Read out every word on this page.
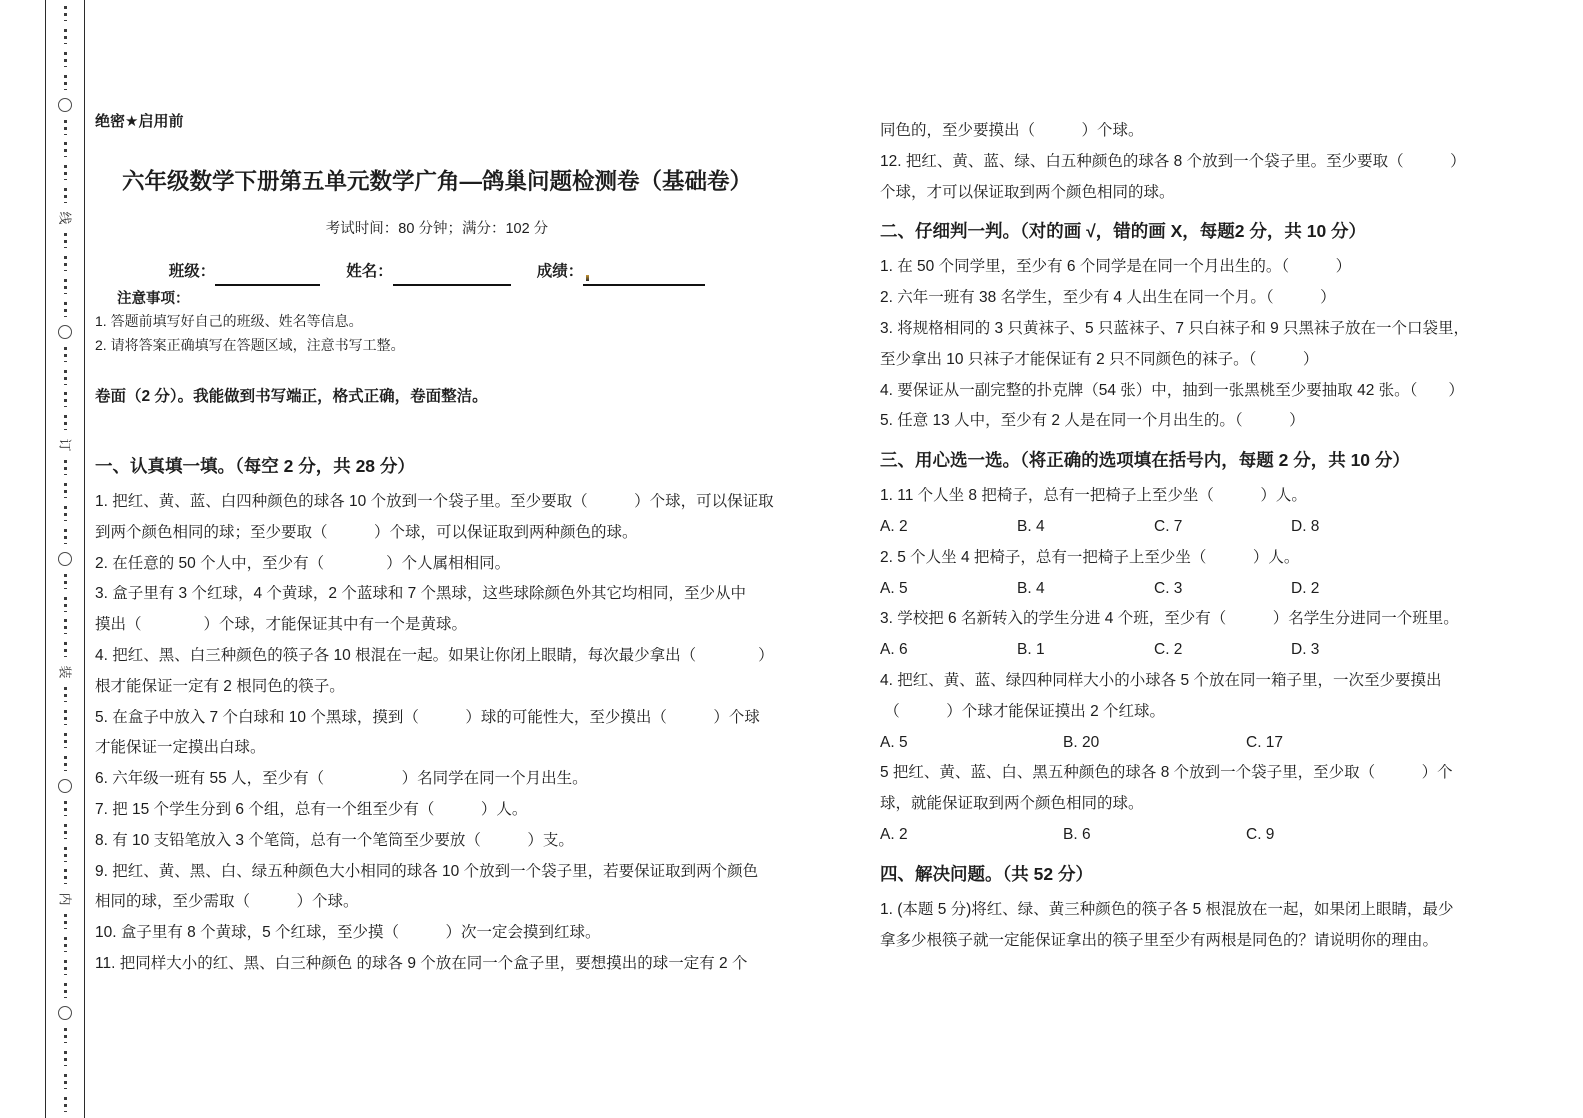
线
订
装
内
绝密★启用前
六年级数学下册第五单元数学广角—鸽巢问题检测卷（基础卷）
考试时间：80 分钟；满分：102 分
班级：	姓名：	成绩：
注意事项：
1. 答题前填写好自己的班级、姓名等信息。
2. 请将答案正确填写在答题区域，注意书写工整。
卷面（2 分）。我能做到书写端正，格式正确，卷面整洁。
一、认真填一填。（每空 2 分，共 28 分）
1. 把红、黄、蓝、白四种颜色的球各 10 个放到一个袋子里。至少要取（　　　）个球，可以保证取
到两个颜色相同的球；至少要取（　　　）个球，可以保证取到两种颜色的球。
2. 在任意的 50 个人中，至少有（　　　　）个人属相相同。
3. 盒子里有 3 个红球，4 个黄球，2 个蓝球和 7 个黑球，这些球除颜色外其它均相同，至少从中
摸出（　　　　）个球，才能保证其中有一个是黄球。
4. 把红、黑、白三种颜色的筷子各 10 根混在一起。如果让你闭上眼睛，每次最少拿出（　　　　）
根才能保证一定有 2 根同色的筷子。
5. 在盒子中放入 7 个白球和 10 个黑球，摸到（　　　）球的可能性大，至少摸出（　　　）个球
才能保证一定摸出白球。
6. 六年级一班有 55 人，至少有（　　　　　）名同学在同一个月出生。
7. 把 15 个学生分到 6 个组，总有一个组至少有（　　　）人。
8. 有 10 支铅笔放入 3 个笔筒，总有一个笔筒至少要放（　　　）支。
9. 把红、黄、黑、白、绿五种颜色大小相同的球各 10 个放到一个袋子里，若要保证取到两个颜色
相同的球，至少需取（　　　）个球。
10. 盒子里有 8 个黄球，5 个红球，至少摸（　　　）次一定会摸到红球。
11. 把同样大小的红、黑、白三种颜色 的球各 9 个放在同一个盒子里，要想摸出的球一定有 2 个
同色的，至少要摸出（　　　）个球。
12. 把红、黄、蓝、绿、白五种颜色的球各 8 个放到一个袋子里。至少要取（　　　）
个球，才可以保证取到两个颜色相同的球。
二、仔细判一判。（对的画 √，错的画 X，每题2 分，共 10 分）
1. 在 50 个同学里，至少有 6 个同学是在同一个月出生的。（　　　）
2. 六年一班有 38 名学生，至少有 4 人出生在同一个月。（　　　）
3. 将规格相同的 3 只黄袜子、5 只蓝袜子、7 只白袜子和 9 只黑袜子放在一个口袋里，
至少拿出 10 只袜子才能保证有 2 只不同颜色的袜子。（　　　）
4. 要保证从一副完整的扑克牌（54 张）中，抽到一张黑桃至少要抽取 42 张。（　　）
5. 任意 13 人中，至少有 2 人是在同一个月出生的。（　　　）
三、用心选一选。（将正确的选项填在括号内，每题 2 分，共 10 分）
1. 11 个人坐 8 把椅子，总有一把椅子上至少坐（　　　）人。
A. 2	B. 4	C. 7	D. 8
2. 5 个人坐 4 把椅子，总有一把椅子上至少坐（　　　）人。
A. 5	B. 4	C. 3	D. 2
3. 学校把 6 名新转入的学生分进 4 个班，至少有（　　　）名学生分进同一个班里。
A. 6	B. 1	C. 2	D. 3
4. 把红、黄、蓝、绿四种同样大小的小球各 5 个放在同一箱子里，一次至少要摸出
（　　　）个球才能保证摸出 2 个红球。
A. 5	B. 20	C. 17
5 把红、黄、蓝、白、黑五种颜色的球各 8 个放到一个袋子里，至少取（　　　）个
球，就能保证取到两个颜色相同的球。
A. 2	B. 6	C. 9
四、解决问题。（共 52 分）
1. (本题 5 分)将红、绿、黄三种颜色的筷子各 5 根混放在一起，如果闭上眼睛，最少
拿多少根筷子就一定能保证拿出的筷子里至少有两根是同色的？请说明你的理由。
